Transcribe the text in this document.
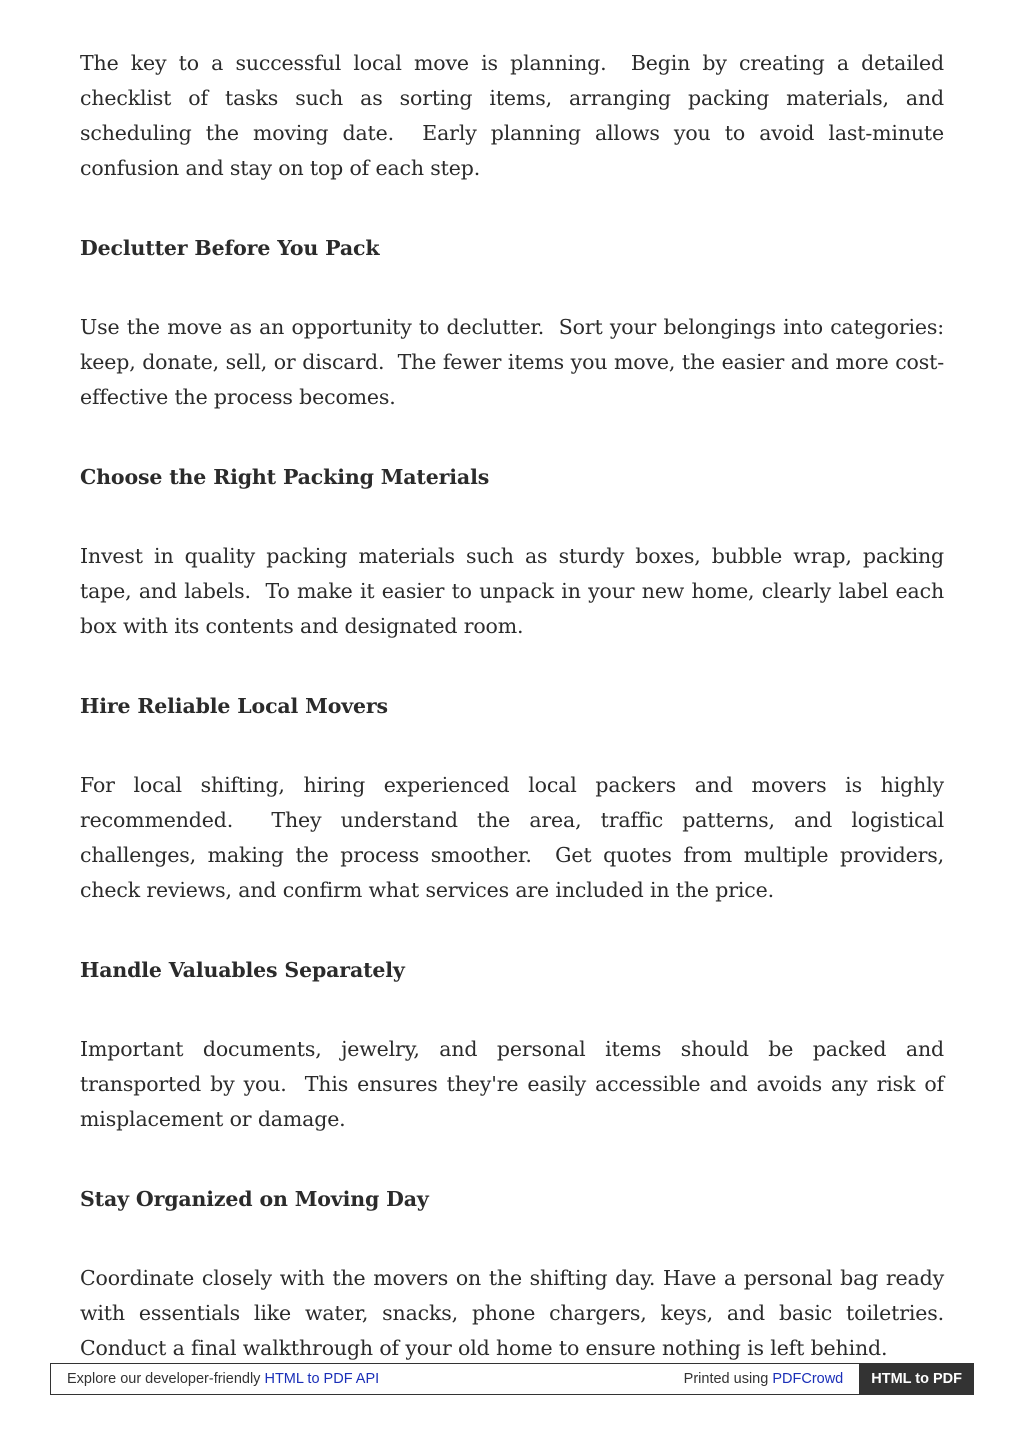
The key to a successful local move is planning.  Begin by creating a detailed checklist of tasks such as sorting items, arranging packing materials, and scheduling the moving date.  Early planning allows you to avoid last-minute confusion and stay on top of each step.

Declutter Before You Pack

Use the move as an opportunity to declutter.  Sort your belongings into categories: keep, donate, sell, or discard.  The fewer items you move, the easier and more cost-effective the process becomes.

Choose the Right Packing Materials

Invest in quality packing materials such as sturdy boxes, bubble wrap, packing tape, and labels.  To make it easier to unpack in your new home, clearly label each box with its contents and designated room.

Hire Reliable Local Movers

For local shifting, hiring experienced local packers and movers is highly recommended.  They understand the area, traffic patterns, and logistical challenges, making the process smoother.  Get quotes from multiple providers, check reviews, and confirm what services are included in the price.

Handle Valuables Separately

Important documents, jewelry, and personal items should be packed and transported by you.  This ensures they're easily accessible and avoids any risk of misplacement or damage.

Stay Organized on Moving Day

Coordinate closely with the movers on the shifting day. Have a personal bag ready with essentials like water, snacks, phone chargers, keys, and basic toiletries. Conduct a final walkthrough of your old home to ensure nothing is left behind.

Explore our developer-friendly HTML to PDF API	Printed using PDFCrowd	HTML to PDF
